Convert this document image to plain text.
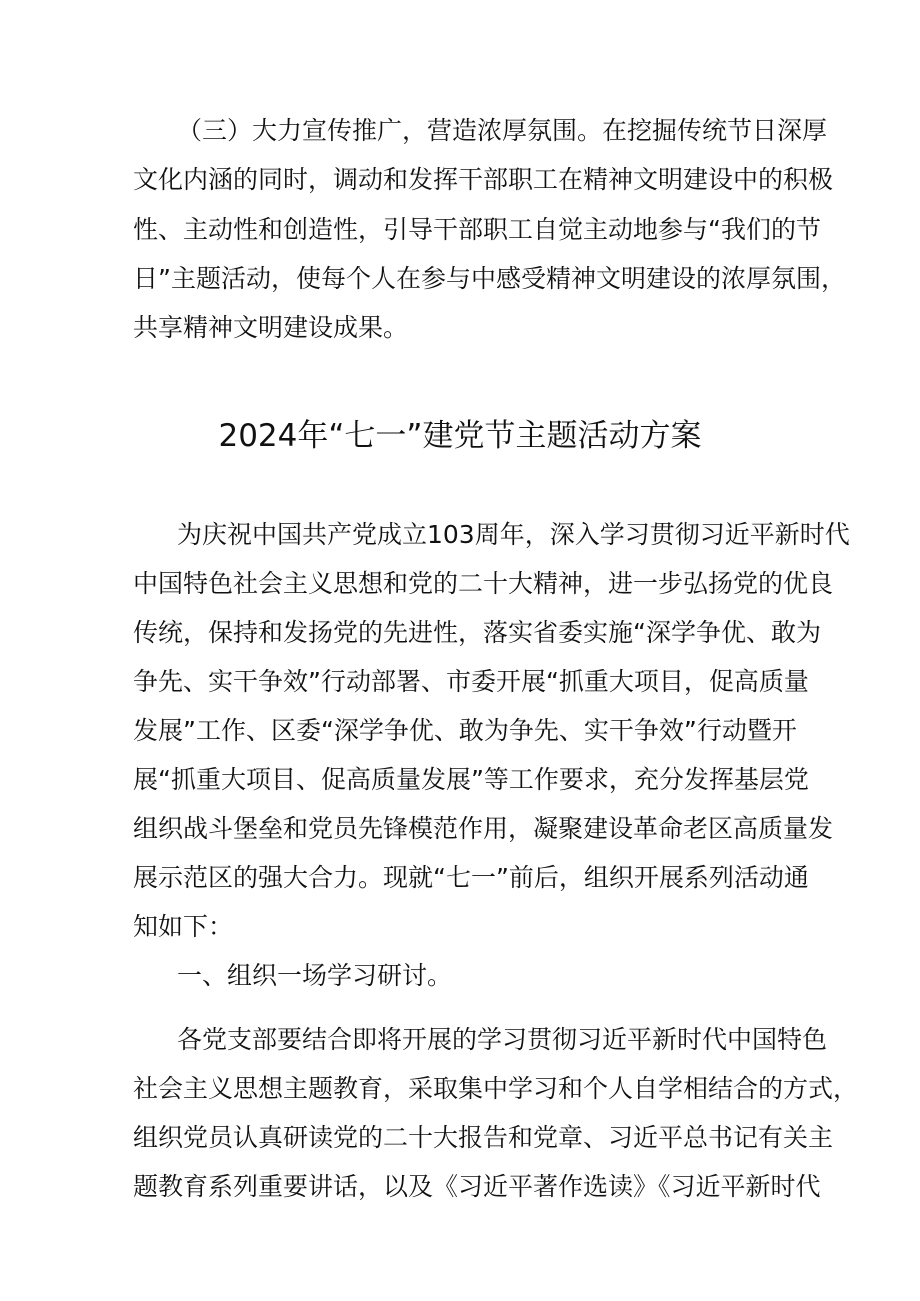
（三）大力宣传推广，营造浓厚氛围。在挖掘传统节日深厚
文化内涵的同时，调动和发挥干部职工在精神文明建设中的积极
性、主动性和创造性，引导干部职工自觉主动地参与“我们的节
日”主题活动，使每个人在参与中感受精神文明建设的浓厚氛围，
共享精神文明建设成果。
2024年“七一”建党节主题活动方案
为庆祝中国共产党成立103周年，深入学习贯彻习近平新时代
中国特色社会主义思想和党的二十大精神，进一步弘扬党的优良
传统，保持和发扬党的先进性，落实省委实施“深学争优、敢为
争先、实干争效”行动部署、市委开展“抓重大项目，促高质量
发展”工作、区委“深学争优、敢为争先、实干争效”行动暨开
展“抓重大项目、促高质量发展”等工作要求，充分发挥基层党
组织战斗堡垒和党员先锋模范作用，凝聚建设革命老区高质量发
展示范区的强大合力。现就“七一”前后，组织开展系列活动通
知如下：
一、组织一场学习研讨。
各党支部要结合即将开展的学习贯彻习近平新时代中国特色
社会主义思想主题教育，采取集中学习和个人自学相结合的方式，
组织党员认真研读党的二十大报告和党章、习近平总书记有关主
题教育系列重要讲话，以及《习近平著作选读》《习近平新时代
